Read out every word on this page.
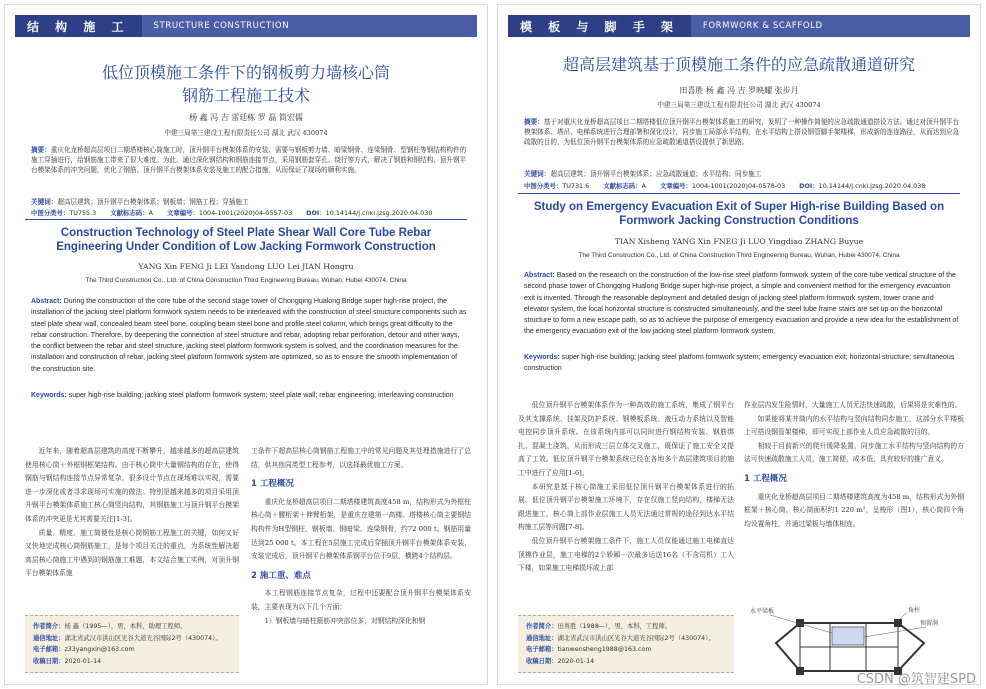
结 构 施 工	STRUCTURE CONSTRUCTION
低位顶模施工条件下的钢板剪力墙核心筒
钢筋工程施工技术
杨 鑫 冯 吉 雷廷栋 罗 磊 简宏儒
中建三局第三建设工程有限责任公司 湖北 武汉 430074
摘要：重庆化龙桥超高层项目二期塔楼核心筒施工时，顶升钢平台模架体系的安装、需要与钢板剪力墙、暗梁钢骨、连梁钢骨、型钢柱等钢结构构件的施工穿插进行，给钢筋施工带来了很大难度。为此，通过深化钢结构和钢筋连接节点，采用钢筋套穿孔、绕行等方式，解决了钢筋和钢结构、顶升钢平台模架体系的冲突问题，优化了钢筋、顶升钢平台模架体系安装及施工的配合措施，从而保证了现场的顺利实施。
关键词：超高层建筑；顶升钢平台模架体系；钢板墙；钢筋工程；穿插施工
中图分类号：TU755.3 文献标志码：A 文章编号：1004-1001(2020)04-0557-03 DOI：10.14144/j.cnki.jzsg.2020.04.030
Construction Technology of Steel Plate Shear Wall Core Tube Rebar Engineering Under Condition of Low Jacking Formwork Construction
YANG Xin FENG Ji LEI Yandong LUO Lei JIAN Hongru
The Third Construction Co., Ltd. of China Construction Third Engineering Bureau, Wuhan, Hubei 430074, China
Abstract: During the construction of the core tube of the second stage tower of Chongqing Hualong Bridge super high-rise project, the installation of the jacking steel platform formwork system needs to be interleaved with the construction of steel structure components such as steel plate shear wall, concealed beam steel bone, coupling beam steel bone and profile steel column, which brings great difficulty to the rebar construction. Therefore, by deepening the connection of steel structure and rebar, adopting rebar perforation, detour and other ways, the conflict between the rebar and steel structure, jacking steel platform formwork system is solved, and the coordination measures for the installation and construction of rebar, jacking steel platform formwork system are optimized, so as to ensure the smooth implementation of the construction site.
Keywords: super high-rise building; jacking steel platform formwork system; steel plate wall; rebar engineering; interleaving construction

近年来，随着超高层建筑的高度不断攀升，越来越多的超高层建筑使用核心筒＋外框钢框架结构。由于核心筒中大量钢结构的存在，使得钢筋与钢结构连接节点异常复杂，很多设计节点在现场难以实现，需要进一步深化或者寻求现场可实施的做法。特别是越来越多的项目采用顶升钢平台模架体系施工核心筒竖向结构，其钢筋施工与顶升钢平台模架体系的冲突更是尤其需要关注[1-3]。

质量、精度、施工简便性是核心筒钢筋工程施工的关键，如何又好又快地完成核心筒钢筋施工，是每个项目关注的重点，为系统性解决超高层核心筒施工中遇到的钢筋施工难题，本文结合施工实例，对顶升钢平台模架体系施

工条件下超高层核心筒钢筋工程施工中的常见问题及其处理措施进行了总结，供其他同类型工程参考，以选择最优施工方案。

1 工程概况

重庆化龙桥超高层项目二期塔楼建筑高度458 m，结构形式为外框柱核心筒＋腰桁架＋伸臂桁架，是重庆在建第一高楼。塔楼核心筒主要钢结构构件为H型钢柱、钢板墙、钢暗梁、连梁钢骨，约72 000 t。钢筋用量达到25 000 t。本工程在5层施工完成后穿插顶升钢平台模架体系安装，安装完成后，顶升钢平台模架体系钢平台位于9层，横跨4个结构层。

2 施工重、难点

本工程钢筋连接节点复杂，过程中还要配合顶升钢平台模架体系安装，主要表现为以下几个方面：

1）钢板墙与暗柱箍筋冲突部位多，对钢结构深化和钢

作者简介：杨 鑫（1995—），男，本科，助理工程师。
通信地址：湖北省武汉市洪山区光谷大道光谷国际2号（430074）。
电子邮箱：z33yangxin@163.com
收稿日期：2020-01-14
模 板 与 脚 手 架	FORMWORK & SCAFFOLD
超高层建筑基于顶模施工条件的应急疏散通道研究
田喜胜 杨 鑫 冯 吉 罗映耀 张步月
中建三局第三建设工程有限责任公司 湖北 武汉 430074
摘要：基于对重庆化龙桥超高层项目二期塔楼低位顶升钢平台模架体系施工的研究，发明了一种操作简便的应急疏散通道搭设方法。通过对顶升钢平台模架体系、塔吊、电梯系统进行合理部署和深化设计，同步施工局部水平结构，在水平结构上搭设钢管脚手架楼梯，形成新的连连路径，从而达到应急疏散的目的，为低位顶升钢平台模架体系的应急疏散通道搭设提供了新思路。
关键词：超高层建筑；顶升钢平台模架体系；应急疏散通道；水平结构；同步施工
中图分类号：TU731.6 文献标志码：A 文章编号：1004-1001(2020)04-0578-03 DOI：10.14144/j.cnki.jzsg.2020.04.038
Study on Emergency Evacuation Exit of Super High-rise Building Based on Formwork Jacking Construction Conditions
TIAN Xisheng YANG Xin FNEG Ji LUO Yingdiao ZHANG Buyue
The Third Construction Co., Ltd. of China Construction Third Engineering Bureau, Wuhan, Hubei 430074, China
Abstract: Based on the research on the construction of the low-rise steel platform formwork system of the core tube vertical structure of the second phase tower of Chongqing Hualong Bridge super high-rise project, a simple and convenient method for the emergency evacuation exit is invented. Through the reasonable deployment and detailed design of jacking steel platform formwork system, tower crane and elevator system, the local horizontal structure is constructed simultaneously, and the steel tube frame stairs are set up on the horizontal structure to form a new escape path, so as to achieve the purpose of emergency evacuation and provide a new idea for the establishment of the emergency evacuation exit of the low jacking steel platform formwork system.
Keywords: super high-rise building; jacking steel platform formwork system; emergency evacuation exit; horizontal structure; simultaneous construction

低位顶升钢平台模架体系作为一种高效的施工系统，集成了钢平台及其支撑系统、挂架及防护系统、钢模板系统、液压动力系统以及智能电控同步顶升系统。在该系统内部可以同时进行钢结构安装、钢筋绑扎、混凝土浇筑，从而形成三层立体交叉施工，既保证了施工安全又提高了工效。低位顶升钢平台模架系统已经在各地多个高层建筑项目的施工中进行了应用[1-6]。

本研究是基于核心筒施工采用低位顶升钢平台模架体系进行的拓展。低位顶升钢平台模架施工环境下，存在仅施工竖向结构，楼梯无法跟进施工，核心筒上部作业层施工人员无法通过常规的途径到达水平结构施工层等问题[7-8]。

低位顶升钢平台模架施工条件下，施工人员仅能通过施工电梯直达顶模作业层，施工电梯的2个轿厢一次最多运送16名（不含司机）工人下楼，如果施工电梯损坏或上部

作业层内发生险情时，大量施工人员无法快速疏散，后果将是灾难性的。

如果能将某井筒内的水平结构与竖向结构同步施工，这部分水平楼板上可搭设钢管架楼梯，即可实现上部作业人员应急疏散的目的。

相较于目前新兴的爬升缓降装置，同步施工水平结构与竖向结构的方法可快速疏散施工人员，施工简便，成本低，具有较好的推广意义。

1 工程概况

重庆化龙桥超高层项目二期塔楼建筑高度为458 m，结构形式为外钢框架＋核心筒，核心筒面积约1 220 m²，呈梭形（图1），核心筒四个角均设置角柱，并通过梁板与墙体相连。

作者简介：田喜胜（1988—），男，本科，工程师。
通信地址：湖北省武汉市洪山区光谷大道光谷国际2号（430074）。
电子邮箱：tianwensheng1988@163.com
收稿日期：2020-01-14
水平梁板	角柱
预留洞
CSDN @筑智建SPD
